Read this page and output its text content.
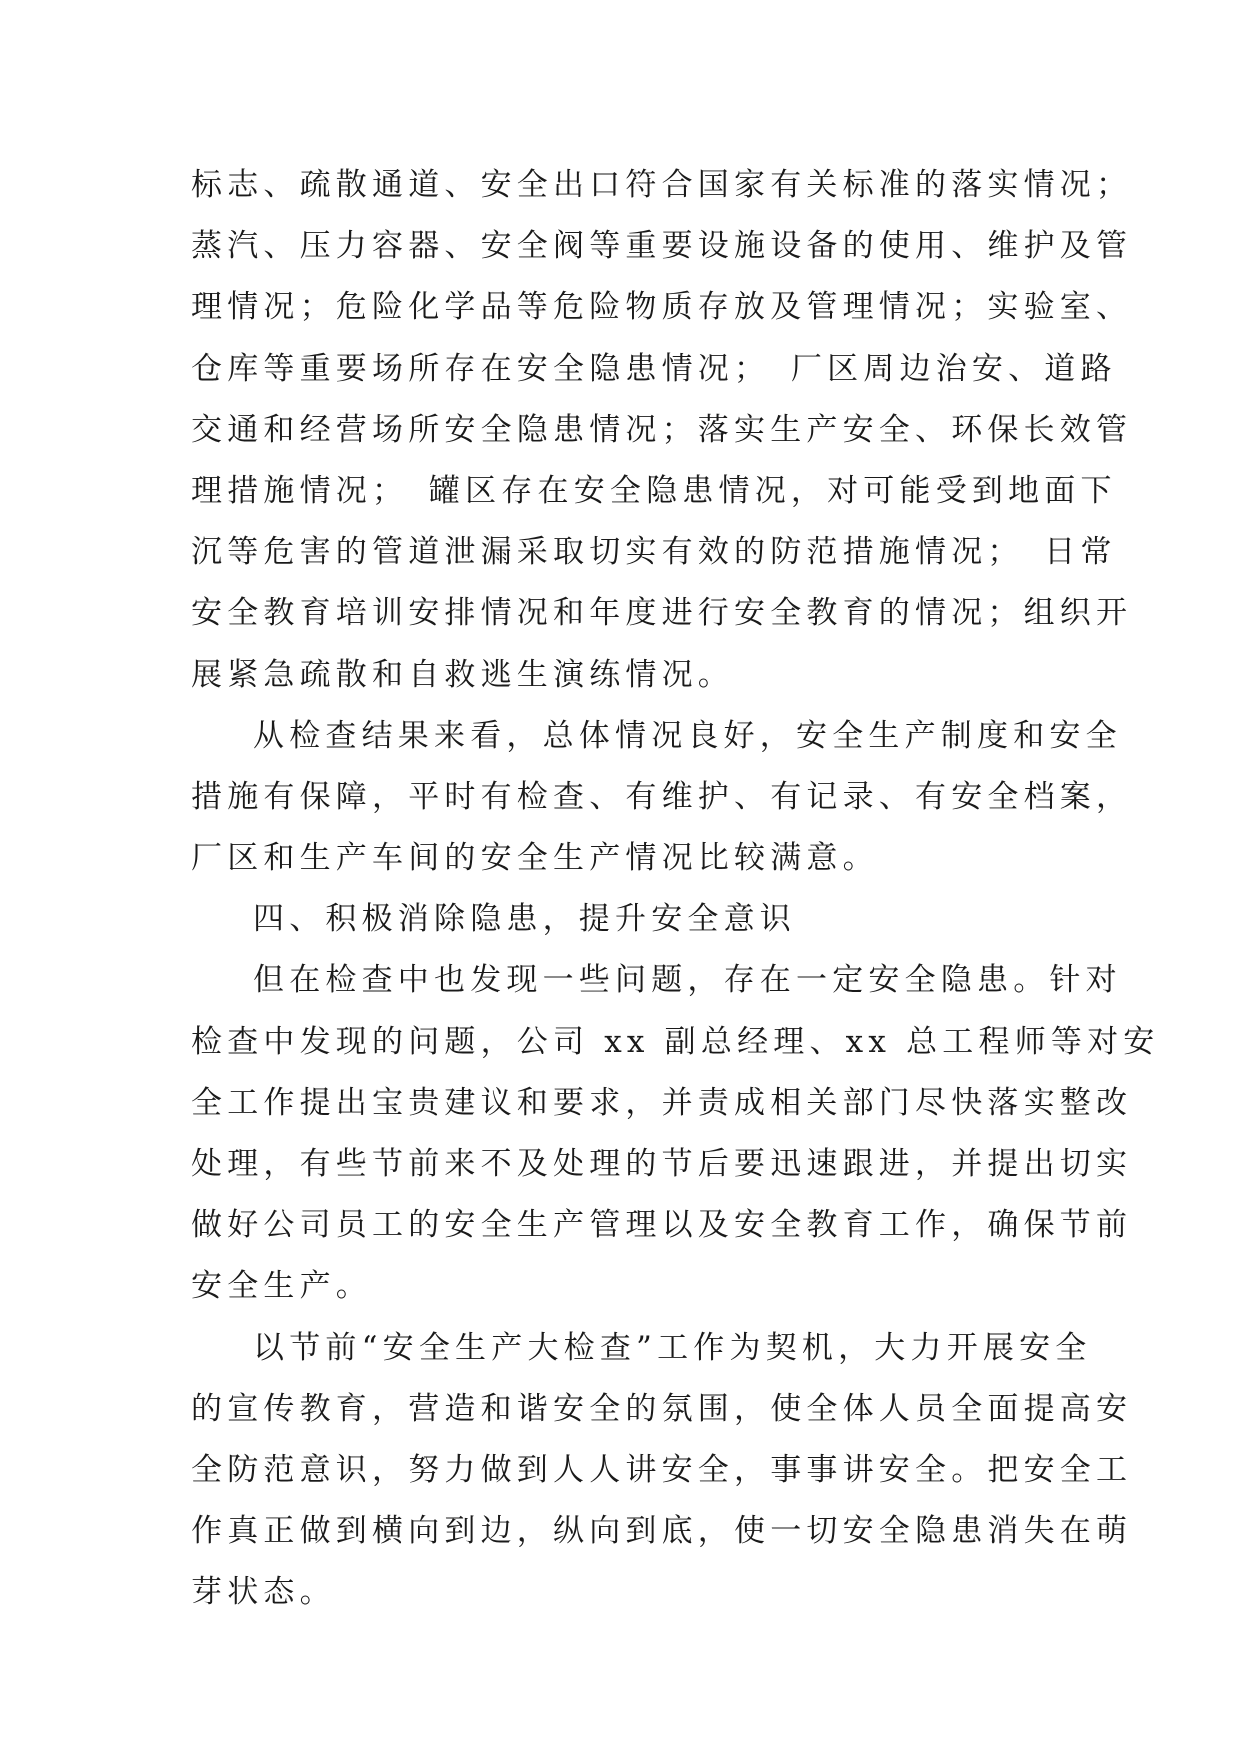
标志、疏散通道、安全出口符合国家有关标准的落实情况；
蒸汽、压力容器、安全阀等重要设施设备的使用、维护及管
理情况；危险化学品等危险物质存放及管理情况；实验室、
仓库等重要场所存在安全隐患情况；　厂区周边治安、道路
交通和经营场所安全隐患情况；落实生产安全、环保长效管
理措施情况；　罐区存在安全隐患情况，对可能受到地面下
沉等危害的管道泄漏采取切实有效的防范措施情况；　日常
安全教育培训安排情况和年度进行安全教育的情况；组织开
展紧急疏散和自救逃生演练情况。
从检查结果来看，总体情况良好，安全生产制度和安全
措施有保障，平时有检查、有维护、有记录、有安全档案，
厂区和生产车间的安全生产情况比较满意。
四、积极消除隐患，提升安全意识
但在检查中也发现一些问题，存在一定安全隐患。针对
检查中发现的问题，公司 xx 副总经理、xx 总工程师等对安
全工作提出宝贵建议和要求，并责成相关部门尽快落实整改
处理，有些节前来不及处理的节后要迅速跟进，并提出切实
做好公司员工的安全生产管理以及安全教育工作，确保节前
安全生产。
以节前“安全生产大检查”工作为契机，大力开展安全
的宣传教育，营造和谐安全的氛围，使全体人员全面提高安
全防范意识，努力做到人人讲安全，事事讲安全。把安全工
作真正做到横向到边，纵向到底，使一切安全隐患消失在萌
芽状态。
